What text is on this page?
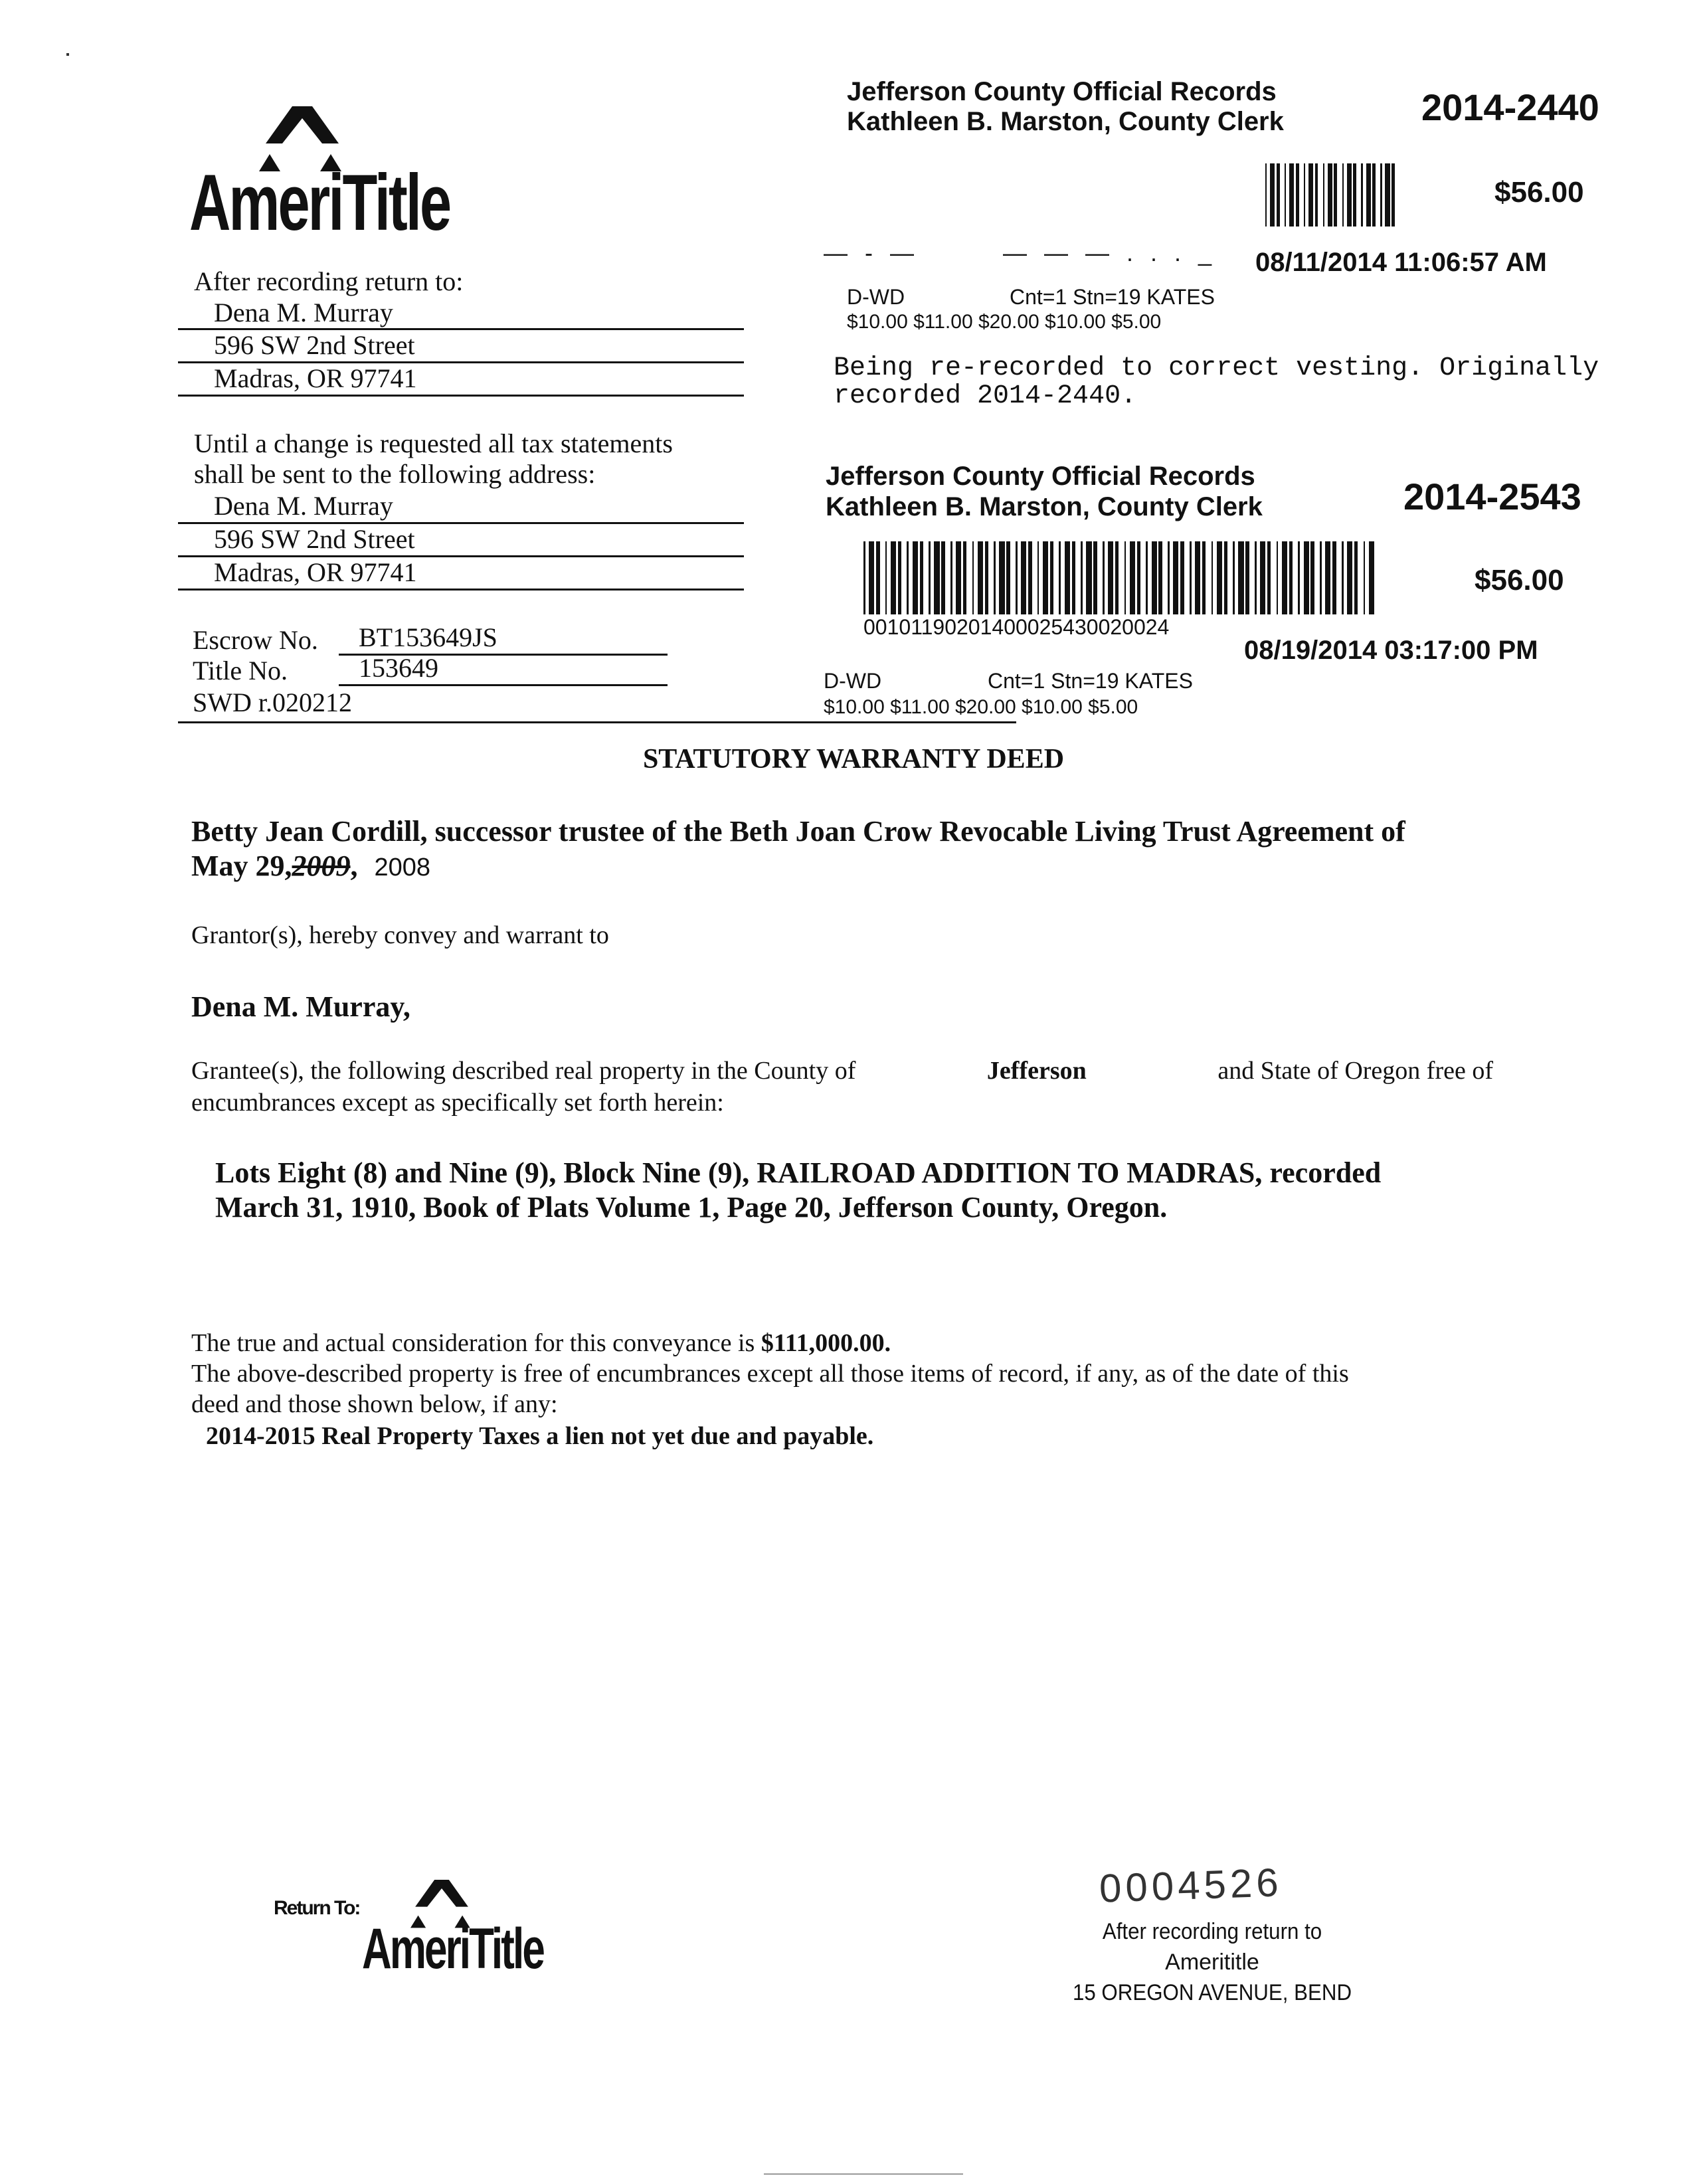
AmeriTitle
After recording return to:
Dena M. Murray
596 SW 2nd Street
Madras, OR 97741
Until a change is requested all tax statements
shall be sent to the following address:
Dena M. Murray
596 SW 2nd Street
Madras, OR 97741
Escrow No. BT153649JS
Title No.	153649
SWD r.020212
Jefferson County Official Records
Kathleen B. Marston, County Clerk	2014-2440
$56.00
— - —       — — — . . . _ 08/11/2014 11:06:57 AM
D-WD	Cnt=1 Stn=19 KATES
$10.00 $11.00 $20.00 $10.00 $5.00
Being re-recorded to correct vesting. Originally
recorded 2014-2440.
Jefferson County Official Records
Kathleen B. Marston, County Clerk	2014-2543
$56.00
00101190201400025430020024
08/19/2014 03:17:00 PM
D-WD	Cnt=1 Stn=19 KATES
$10.00 $11.00 $20.00 $10.00 $5.00
STATUTORY WARRANTY DEED
Betty Jean Cordill, successor trustee of the Beth Joan Crow Revocable Living Trust Agreement of
May 29,2009, 2008
Grantor(s), hereby convey and warrant to
Dena M. Murray,
Grantee(s), the following described real property in the County of	Jefferson	and State of Oregon free of
encumbrances except as specifically set forth herein:
Lots Eight (8) and Nine (9), Block Nine (9), RAILROAD ADDITION TO MADRAS, recorded
March 31, 1910, Book of Plats Volume 1, Page 20, Jefferson County, Oregon.
The true and actual consideration for this conveyance is $111,000.00.
The above-described property is free of encumbrances except all those items of record, if any, as of the date of this
deed and those shown below, if any:
2014-2015 Real Property Taxes a lien not yet due and payable.
Return To:
AmeriTitle
0004526
After recording return to
Amerititle
15 OREGON AVENUE, BEND
